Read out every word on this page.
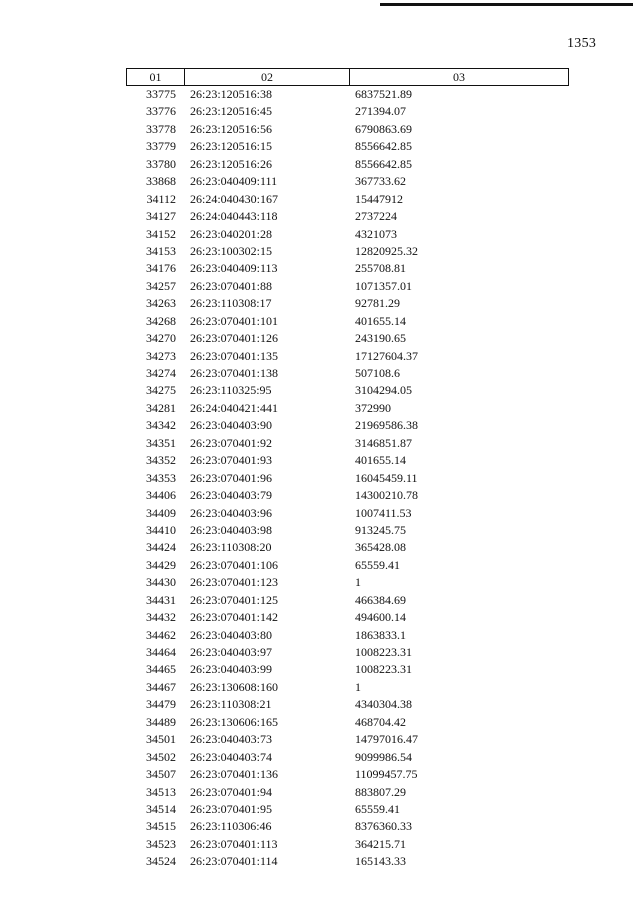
1353
01	02	03
33775 26:23:120516:38	6837521.89
33776 26:23:120516:45	271394.07
33778 26:23:120516:56	6790863.69
33779 26:23:120516:15	8556642.85
33780 26:23:120516:26	8556642.85
33868 26:23:040409:111	367733.62
34112 26:24:040430:167	15447912
34127 26:24:040443:118	2737224
34152 26:23:040201:28	4321073
34153 26:23:100302:15	12820925.32
34176 26:23:040409:113	255708.81
34257 26:23:070401:88	1071357.01
34263 26:23:110308:17	92781.29
34268 26:23:070401:101	401655.14
34270 26:23:070401:126	243190.65
34273 26:23:070401:135	17127604.37
34274 26:23:070401:138	507108.6
34275 26:23:110325:95	3104294.05
34281 26:24:040421:441	372990
34342 26:23:040403:90	21969586.38
34351 26:23:070401:92	3146851.87
34352 26:23:070401:93	401655.14
34353 26:23:070401:96	16045459.11
34406 26:23:040403:79	14300210.78
34409 26:23:040403:96	1007411.53
34410 26:23:040403:98	913245.75
34424 26:23:110308:20	365428.08
34429 26:23:070401:106	65559.41
34430 26:23:070401:123	1
34431 26:23:070401:125	466384.69
34432 26:23:070401:142	494600.14
34462 26:23:040403:80	1863833.1
34464 26:23:040403:97	1008223.31
34465 26:23:040403:99	1008223.31
34467 26:23:130608:160	1
34479 26:23:110308:21	4340304.38
34489 26:23:130606:165	468704.42
34501 26:23:040403:73	14797016.47
34502 26:23:040403:74	9099986.54
34507 26:23:070401:136	11099457.75
34513 26:23:070401:94	883807.29
34514 26:23:070401:95	65559.41
34515 26:23:110306:46	8376360.33
34523 26:23:070401:113	364215.71
34524 26:23:070401:114	165143.33
